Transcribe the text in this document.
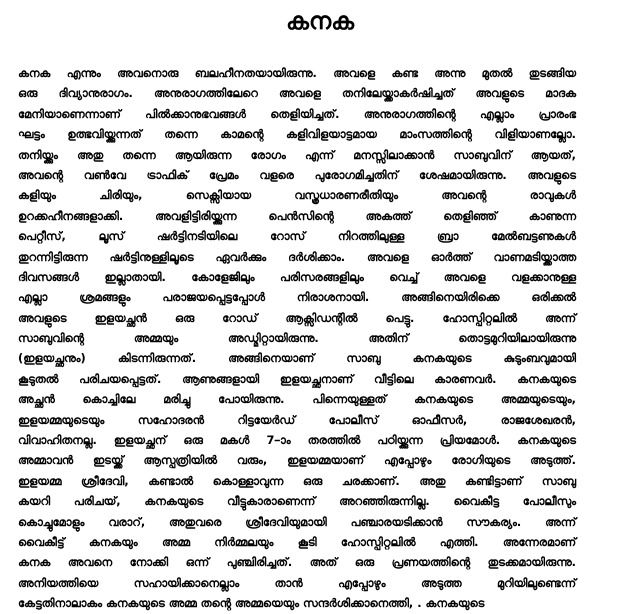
കനക
കനക എന്നും അവനൊരു ബലഹീനതയായിരുന്നു. അവളെ കണ്ട അന്നു മുതൽ തുടങ്ങിയ
ഒരു ദിവ്യാനുരാഗം. അനുരാഗത്തിലേറെ അവളെ തനിലേയ്ക്കാകർഷിച്ചത് അവളുടെ മാദക
മേനിയാണെന്നാണ് പിൽക്കാനുഭവങ്ങൾ തെളിയിച്ചത്. അനുരാഗത്തിന്റെ എല്ലാം പ്രാരംഭ
ഘട്ടം ഉത്ഭവിയ്ക്കുന്നത് തന്നെ കാമന്റെ കളിവിളയാട്ടമായ മാംസത്തിന്റെ വിളിയാണല്ലോ.
തനിയ്ക്കും അതു തന്നെ ആയിരുന്ന രോഗം എന്ന് മനസ്സിലാക്കാൻ സാബുവിന് ആയത്,
അവന്റെ വൺവേ ട്രാഫിക് പ്രേമം വളരെ പുരോഗമിച്ചതിന് ശേഷമായിരുന്നു. അവളുടെ
കളിയും ചിരിയും, സെക്സിയായ വസ്ത്രധാരണരീതിയും അവന്റെ രാവുകൾ
ഉറക്കഹീനങ്ങളാക്കി. അവളിട്ടിരിയ്ക്കുന്ന പെൻസിന്റെ അകത്ത് തെളിഞ്ഞ് കാണുന്ന
പെറ്റീസ്, ലൂസ് ഷർട്ടിനടിയിലെ റോസ് നിറത്തിലുള്ള ബ്രാ മേൽബട്ടണുകൾ
തുറന്നിട്ടിരുന്ന ഷർട്ടിനുള്ളിലൂടെ ഏവർക്കും ദർശിക്കാം. അവളെ ഓർത്ത് വാണമടിയ്ക്കാത്ത
ദിവസങ്ങൾ ഇല്ലാതായി. കോളേജിലും പരിസരങ്ങളിലും വെച്ച് അവളെ വളക്കാനുള്ള
എല്ലാ ശ്രമങ്ങളും പരാജയപ്പെട്ടപ്പോൾ നിരാശനായി. അങ്ങിനെയിരിക്കെ ഒരിക്കൽ
അവളുടെ ഇളയച്ഛൻ ഒരു റോഡ് ആക്സിഡന്റിൽ പെട്ടു. ഹോസ്പിറ്റലിൽ അന്ന്
സാബുവിന്റെ അമ്മയും അഡ്മിറ്റായിരുന്നു. അതിന് തൊട്ടമുറിയിലായിരുന്നു
(ഇളയച്ഛനും) കിടന്നിരുന്നത്. അങ്ങിനെയാണ് സാബു കനകയുടെ കുടുംബവുമായി
കൂടുതൽ പരിചയപ്പെട്ടത്. ആണുങ്ങളായി ഇളയച്ഛനാണ് വീട്ടിലെ കാരണവർ. കനകയുടെ
അച്ഛൻ കൊച്ചിലേ മരിച്ചു പോയിരുന്നു. പിന്നെയുള്ളത് കനകയുടെ അമ്മയുടെയും,
ഇളയമ്മയുടെയും സഹോദരൻ റിട്ടയേർഡ് പോലീസ് ഓഫീസർ, രാജശേഖരൻ,
വിവാഹിതനല്ല. ഇളയച്ഛന് ഒരു മകൾ 7–ാം തരത്തിൽ പഠിയ്ക്കുന്ന പ്രിയമോൾ. കനകയുടെ
അമ്മാവൻ ഇടയ്ക്ക് ആസ്പത്രിയിൽ വരും, ഇളയമ്മയാണ് എപ്പോഴും രോഗിയുടെ അടുത്ത്.
ഇളയമ്മ ശ്രീദേവി, കണ്ടാൽ കൊള്ളാവുന്ന ഒരു ചരക്കാണ്. അതു കണ്ടിട്ടാണ് സാബു
കയറി പരിചയ്, കനകയുടെ വീട്ടുകാരാണെന്ന് അറഞ്ഞിരുന്നില്ല. വൈകീട്ട പോലീസും
കൊച്ചുമോളും വരാറ്, അതുവരെ ശ്രീദേവിയുമായി പഞ്ചാരയടിക്കാൻ സൗകര്യം. അന്ന്
വൈകീട്ട് കനകയും അമ്മ നിർമ്മലയും കൂടി ഹോസ്പിറ്റലിൽ എത്തി. അന്നേരമാണ്
കനക അവനെ നോക്കി ഒന്ന് പുഞ്ചിരിച്ചത്. അത് ഒരു പ്രണയത്തിന്റെ തുടക്കമായിരുന്നു.
അനിയത്തിയെ സഹായിക്കാനെല്ലാം താൻ എപ്പോഴും അടുത്ത മുറിയിലുണ്ടെന്ന്
കേട്ടതിനാലാകം കനകയുടെ അമ്മ തന്റെ അമ്മയെയും സന്ദർശിക്കാനെത്തി, . കനകയുടെ
